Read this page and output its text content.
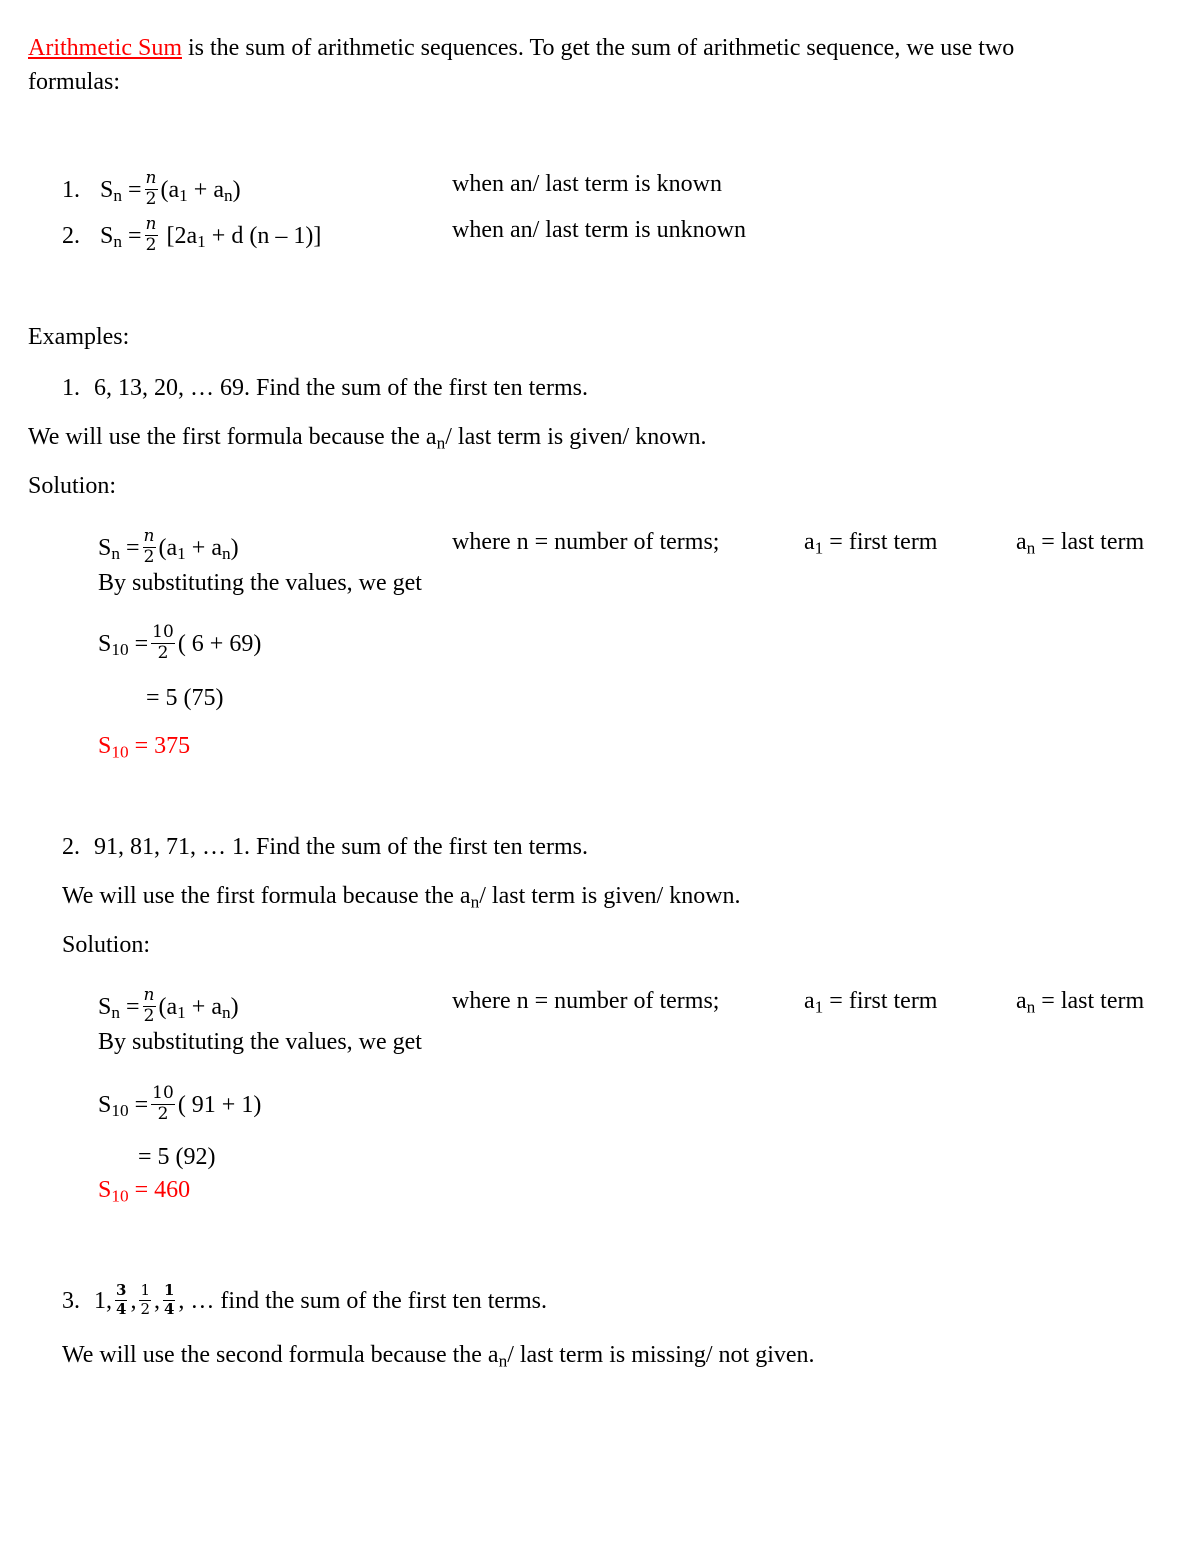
Arithmetic Sum is the sum of arithmetic sequences. To get the sum of arithmetic sequence, we use two
formulas:
1. $S_n = \frac{n}{2} (a_1 + a_n)$	when an/ last term is known
2. $S_n = \frac{n}{2} [2a_1 + d$ (n – 1)]	when an/ last term is unknown
Examples:
1. 6, 13, 20, … 69. Find the sum of the first ten terms.
We will use the first formula because the $a_n/$ last term is given/ known.
Solution:
$S_n = \frac{n}{2} (a_1 + a_n)$	where n = number of terms;	$a_1$ = first term	$a_n$ = last term
By substituting the values, we get
$S_{10} = \frac{10}{2}$ ( 6 + 69)
= 5 (75)
$S_{10} = 375$
2. 91, 81, 71, … 1. Find the sum of the first ten terms.
We will use the first formula because the $a_n/$ last term is given/ known.
Solution:
$S_n = \frac{n}{2} (a_1 + a_n)$	where n = number of terms;	$a_1$ = first term	$a_n$ = last term
By substituting the values, we get
$S_{10} = \frac{10}{2}$ ( 91 + 1)
= 5 (92)
$S_{10} = 460$
3. 1, $\frac{3}{4}$ , $\frac{1}{2}$ , $\frac{1}{4}$ , … find the sum of the first ten terms.
We will use the second formula because the $a_n/$ last term is missing/ not given.
